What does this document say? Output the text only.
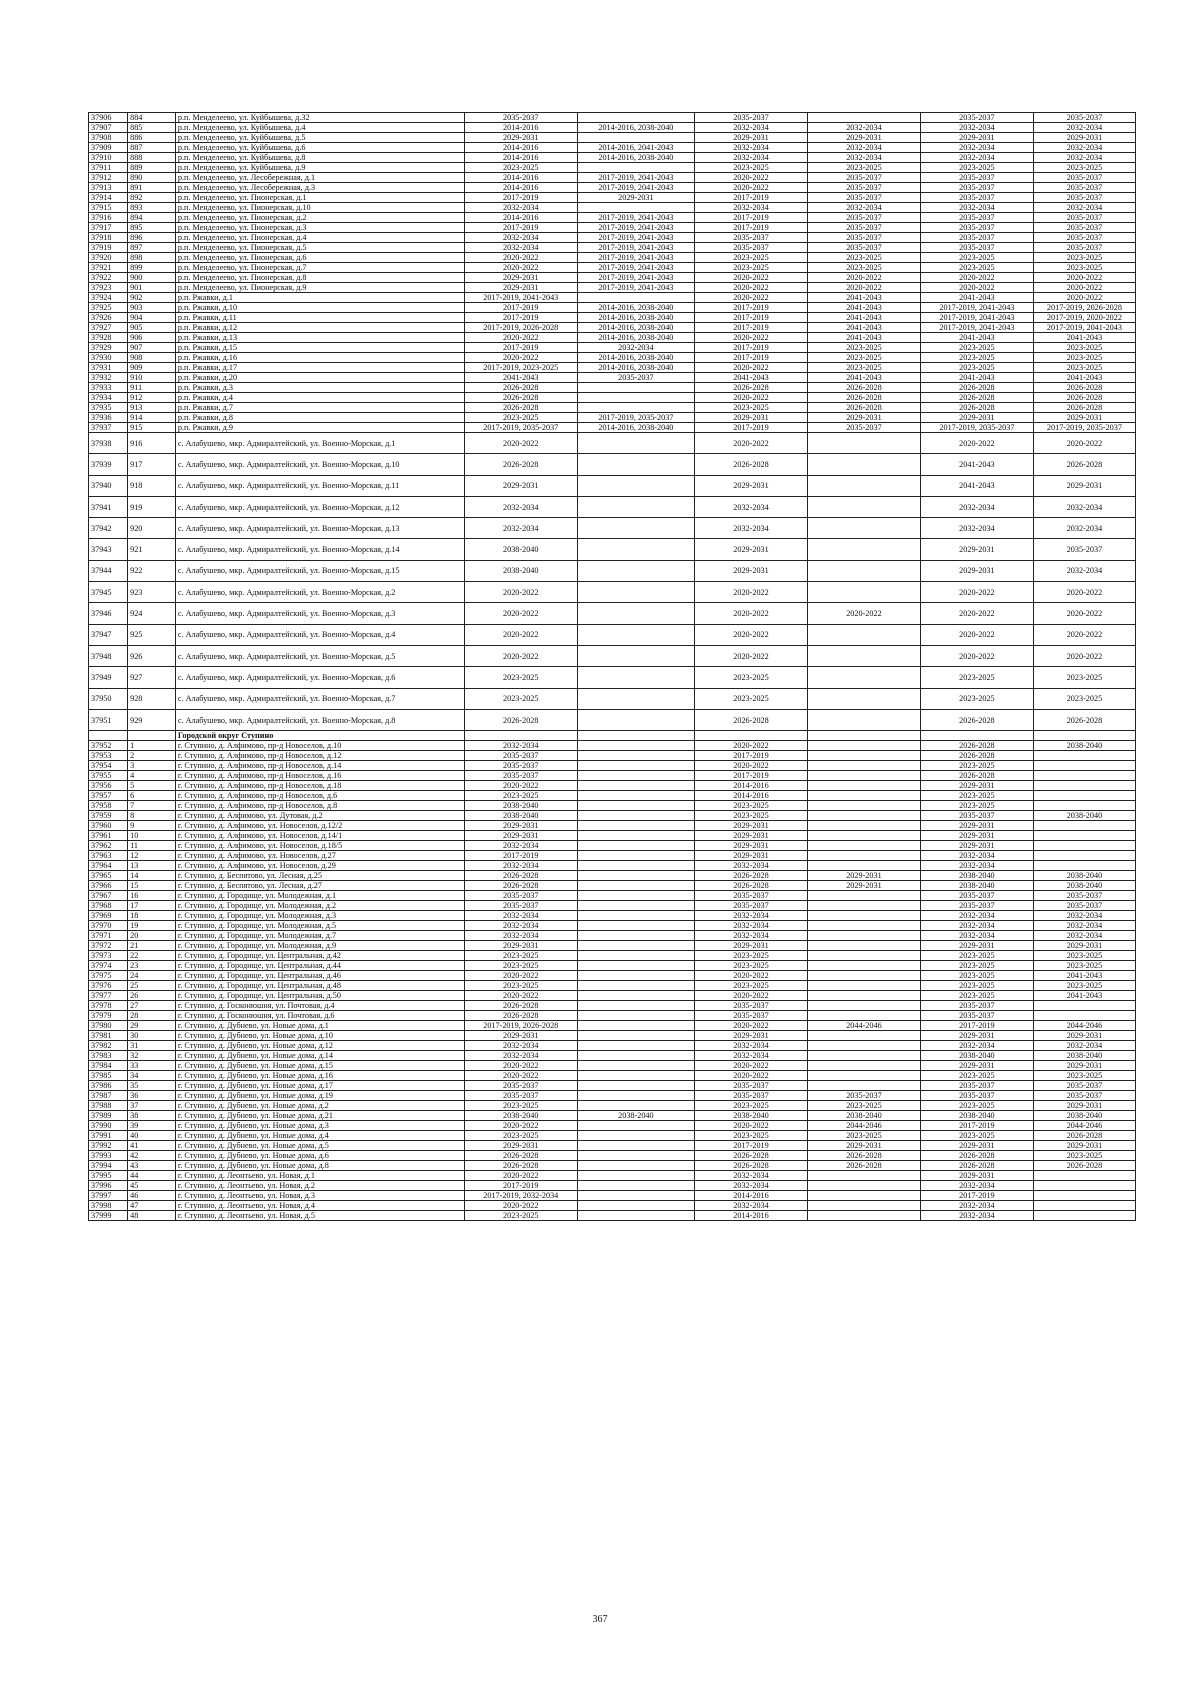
37906	884	р.п. Менделеево, ул. Куйбышева, д.32	2035-2037		2035-2037		2035-2037	2035-2037
37907	885	р.п. Менделеево, ул. Куйбышева, д.4	2014-2016	2014-2016, 2038-2040	2032-2034	2032-2034	2032-2034	2032-2034
37908	886	р.п. Менделеево, ул. Куйбышева, д.5	2029-2031		2029-2031	2029-2031	2029-2031	2029-2031
37909	887	р.п. Менделеево, ул. Куйбышева, д.6	2014-2016	2014-2016, 2041-2043	2032-2034	2032-2034	2032-2034	2032-2034
37910	888	р.п. Менделеево, ул. Куйбышева, д.8	2014-2016	2014-2016, 2038-2040	2032-2034	2032-2034	2032-2034	2032-2034
37911	889	р.п. Менделеево, ул. Куйбышева, д.9	2023-2025		2023-2025	2023-2025	2023-2025	2023-2025
37912	890	р.п. Менделеево, ул. Лесобережная, д.1	2014-2016	2017-2019, 2041-2043	2020-2022	2035-2037	2035-2037	2035-2037
37913	891	р.п. Менделеево, ул. Лесобережная, д.3	2014-2016	2017-2019, 2041-2043	2020-2022	2035-2037	2035-2037	2035-2037
37914	892	р.п. Менделеево, ул. Пионерская, д.1	2017-2019	2029-2031	2017-2019	2035-2037	2035-2037	2035-2037
37915	893	р.п. Менделеево, ул. Пионерская, д.10	2032-2034		2032-2034	2032-2034	2032-2034	2032-2034
37916	894	р.п. Менделеево, ул. Пионерская, д.2	2014-2016	2017-2019, 2041-2043	2017-2019	2035-2037	2035-2037	2035-2037
37917	895	р.п. Менделеево, ул. Пионерская, д.3	2017-2019	2017-2019, 2041-2043	2017-2019	2035-2037	2035-2037	2035-2037
37918	896	р.п. Менделеево, ул. Пионерская, д.4	2032-2034	2017-2019, 2041-2043	2035-2037	2035-2037	2035-2037	2035-2037
37919	897	р.п. Менделеево, ул. Пионерская, д.5	2032-2034	2017-2019, 2041-2043	2035-2037	2035-2037	2035-2037	2035-2037
37920	898	р.п. Менделеево, ул. Пионерская, д.6	2020-2022	2017-2019, 2041-2043	2023-2025	2023-2025	2023-2025	2023-2025
37921	899	р.п. Менделеево, ул. Пионерская, д.7	2020-2022	2017-2019, 2041-2043	2023-2025	2023-2025	2023-2025	2023-2025
37922	900	р.п. Менделеево, ул. Пионерская, д.8	2029-2031	2017-2019, 2041-2043	2020-2022	2020-2022	2020-2022	2020-2022
37923	901	р.п. Менделеево, ул. Пионерская, д.9	2029-2031	2017-2019, 2041-2043	2020-2022	2020-2022	2020-2022	2020-2022
37924	902	р.п. Ржавки, д.1	2017-2019, 2041-2043		2020-2022	2041-2043	2041-2043	2020-2022
37925	903	р.п. Ржавки, д.10	2017-2019	2014-2016, 2038-2040	2017-2019	2041-2043	2017-2019, 2041-2043	2017-2019, 2026-2028
37926	904	р.п. Ржавки, д.11	2017-2019	2014-2016, 2038-2040	2017-2019	2041-2043	2017-2019, 2041-2043	2017-2019, 2020-2022
37927	905	р.п. Ржавки, д.12	2017-2019, 2026-2028	2014-2016, 2038-2040	2017-2019	2041-2043	2017-2019, 2041-2043	2017-2019, 2041-2043
37928	906	р.п. Ржавки, д.13	2020-2022	2014-2016, 2038-2040	2020-2022	2041-2043	2041-2043	2041-2043
37929	907	р.п. Ржавки, д.15	2017-2019	2032-2034	2017-2019	2023-2025	2023-2025	2023-2025
37930	908	р.п. Ржавки, д.16	2020-2022	2014-2016, 2038-2040	2017-2019	2023-2025	2023-2025	2023-2025
37931	909	р.п. Ржавки, д.17	2017-2019, 2023-2025	2014-2016, 2038-2040	2020-2022	2023-2025	2023-2025	2023-2025
37932	910	р.п. Ржавки, д.20	2041-2043	2035-2037	2041-2043	2041-2043	2041-2043	2041-2043
37933	911	р.п. Ржавки, д.3	2026-2028		2026-2028	2026-2028	2026-2028	2026-2028
37934	912	р.п. Ржавки, д.4	2026-2028		2020-2022	2026-2028	2026-2028	2026-2028
37935	913	р.п. Ржавки, д.7	2026-2028		2023-2025	2026-2028	2026-2028	2026-2028
37936	914	р.п. Ржавки, д.8	2023-2025	2017-2019, 2035-2037	2029-2031	2029-2031	2029-2031	2029-2031
37937	915	р.п. Ржавки, д.9	2017-2019, 2035-2037	2014-2016, 2038-2040	2017-2019	2035-2037	2017-2019, 2035-2037	2017-2019, 2035-2037
37938	916	с. Алабушево, мкр. Адмиралтейский, ул. Военно-Морская, д.1	2020-2022		2020-2022		2020-2022	2020-2022
37939	917	с. Алабушево, мкр. Адмиралтейский, ул. Военно-Морская, д.10	2026-2028		2026-2028		2041-2043	2026-2028
37940	918	с. Алабушево, мкр. Адмиралтейский, ул. Военно-Морская, д.11	2029-2031		2029-2031		2041-2043	2029-2031
37941	919	с. Алабушево, мкр. Адмиралтейский, ул. Военно-Морская, д.12	2032-2034		2032-2034		2032-2034	2032-2034
37942	920	с. Алабушево, мкр. Адмиралтейский, ул. Военно-Морская, д.13	2032-2034		2032-2034		2032-2034	2032-2034
37943	921	с. Алабушево, мкр. Адмиралтейский, ул. Военно-Морская, д.14	2038-2040		2029-2031		2029-2031	2035-2037
37944	922	с. Алабушево, мкр. Адмиралтейский, ул. Военно-Морская, д.15	2038-2040		2029-2031		2029-2031	2032-2034
37945	923	с. Алабушево, мкр. Адмиралтейский, ул. Военно-Морская, д.2	2020-2022		2020-2022		2020-2022	2020-2022
37946	924	с. Алабушево, мкр. Адмиралтейский, ул. Военно-Морская, д.3	2020-2022		2020-2022	2020-2022	2020-2022	2020-2022
37947	925	с. Алабушево, мкр. Адмиралтейский, ул. Военно-Морская, д.4	2020-2022		2020-2022		2020-2022	2020-2022
37948	926	с. Алабушево, мкр. Адмиралтейский, ул. Военно-Морская, д.5	2020-2022		2020-2022		2020-2022	2020-2022
37949	927	с. Алабушево, мкр. Адмиралтейский, ул. Военно-Морская, д.6	2023-2025		2023-2025		2023-2025	2023-2025
37950	928	с. Алабушево, мкр. Адмиралтейский, ул. Военно-Морская, д.7	2023-2025		2023-2025		2023-2025	2023-2025
37951	929	с. Алабушево, мкр. Адмиралтейский, ул. Военно-Морская, д.8	2026-2028		2026-2028		2026-2028	2026-2028
		Городской округ Ступино						
37952	1	г. Ступино, д. Алфимово, пр-д Новоселов, д.10	2032-2034		2020-2022		2026-2028	2038-2040
37953	2	г. Ступино, д. Алфимово, пр-д Новоселов, д.12	2035-2037		2017-2019		2026-2028	
37954	3	г. Ступино, д. Алфимово, пр-д Новоселов, д.14	2035-2037		2020-2022		2023-2025	
37955	4	г. Ступино, д. Алфимово, пр-д Новоселов, д.16	2035-2037		2017-2019		2026-2028	
37956	5	г. Ступино, д. Алфимово, пр-д Новоселов, д.18	2020-2022		2014-2016		2029-2031	
37957	6	г. Ступино, д. Алфимово, пр-д Новоселов, д.6	2023-2025		2014-2016		2023-2025	
37958	7	г. Ступино, д. Алфимово, пр-д Новоселов, д.8	2038-2040		2023-2025		2023-2025	
37959	8	г. Ступино, д. Алфимово, ул. Дутовая, д.2	2038-2040		2023-2025		2035-2037	2038-2040
37960	9	г. Ступино, д. Алфимово, ул. Новоселов, д.12/2	2029-2031		2029-2031		2029-2031	
37961	10	г. Ступино, д. Алфимово, ул. Новоселов, д.14/1	2029-2031		2029-2031		2029-2031	
37962	11	г. Ступино, д. Алфимово, ул. Новоселов, д.18/5	2032-2034		2029-2031		2029-2031	
37963	12	г. Ступино, д. Алфимово, ул. Новоселов, д.27	2017-2019		2029-2031		2032-2034	
37964	13	г. Ступино, д. Алфимово, ул. Новоселов, д.29	2032-2034		2032-2034		2032-2034	
37965	14	г. Ступино, д. Беспятово, ул. Лесная, д.25	2026-2028		2026-2028	2029-2031	2038-2040	2038-2040
37966	15	г. Ступино, д. Беспятово, ул. Лесная, д.27	2026-2028		2026-2028	2029-2031	2038-2040	2038-2040
37967	16	г. Ступино, д. Городище, ул. Молодежная, д.1	2035-2037		2035-2037		2035-2037	2035-2037
37968	17	г. Ступино, д. Городище, ул. Молодежная, д.2	2035-2037		2035-2037		2035-2037	2035-2037
37969	18	г. Ступино, д. Городище, ул. Молодежная, д.3	2032-2034		2032-2034		2032-2034	2032-2034
37970	19	г. Ступино, д. Городище, ул. Молодежная, д.5	2032-2034		2032-2034		2032-2034	2032-2034
37971	20	г. Ступино, д. Городище, ул. Молодежная, д.7	2032-2034		2032-2034		2032-2034	2032-2034
37972	21	г. Ступино, д. Городище, ул. Молодежная, д.9	2029-2031		2029-2031		2029-2031	2029-2031
37973	22	г. Ступино, д. Городище, ул. Центральная, д.42	2023-2025		2023-2025		2023-2025	2023-2025
37974	23	г. Ступино, д. Городище, ул. Центральная, д.44	2023-2025		2023-2025		2023-2025	2023-2025
37975	24	г. Ступино, д. Городище, ул. Центральная, д.46	2020-2022		2020-2022		2023-2025	2041-2043
37976	25	г. Ступино, д. Городище, ул. Центральная, д.48	2023-2025		2023-2025		2023-2025	2023-2025
37977	26	г. Ступино, д. Городище, ул. Центральная, д.50	2020-2022		2020-2022		2023-2025	2041-2043
37978	27	г. Ступино, д. Госконюшня, ул. Почтовая, д.4	2026-2028		2035-2037		2035-2037	
37979	28	г. Ступино, д. Госконюшня, ул. Почтовая, д.6	2026-2028		2035-2037		2035-2037	
37980	29	г. Ступино, д. Дубнево, ул. Новые дома, д.1	2017-2019, 2026-2028		2020-2022	2044-2046	2017-2019	2044-2046
37981	30	г. Ступино, д. Дубнево, ул. Новые дома, д.10	2029-2031		2029-2031		2029-2031	2029-2031
37982	31	г. Ступино, д. Дубнево, ул. Новые дома, д.12	2032-2034		2032-2034		2032-2034	2032-2034
37983	32	г. Ступино, д. Дубнево, ул. Новые дома, д.14	2032-2034		2032-2034		2038-2040	2038-2040
37984	33	г. Ступино, д. Дубнево, ул. Новые дома, д.15	2020-2022		2020-2022		2029-2031	2029-2031
37985	34	г. Ступино, д. Дубнево, ул. Новые дома, д.16	2020-2022		2020-2022		2023-2025	2023-2025
37986	35	г. Ступино, д. Дубнево, ул. Новые дома, д.17	2035-2037		2035-2037		2035-2037	2035-2037
37987	36	г. Ступино, д. Дубнево, ул. Новые дома, д.19	2035-2037		2035-2037	2035-2037	2035-2037	2035-2037
37988	37	г. Ступино, д. Дубнево, ул. Новые дома, д.2	2023-2025		2023-2025	2023-2025	2023-2025	2029-2031
37989	38	г. Ступино, д. Дубнево, ул. Новые дома, д.21	2038-2040	2038-2040	2038-2040	2038-2040	2038-2040	2038-2040
37990	39	г. Ступино, д. Дубнево, ул. Новые дома, д.3	2020-2022		2020-2022	2044-2046	2017-2019	2044-2046
37991	40	г. Ступино, д. Дубнево, ул. Новые дома, д.4	2023-2025		2023-2025	2023-2025	2023-2025	2026-2028
37992	41	г. Ступино, д. Дубнево, ул. Новые дома, д.5	2029-2031		2017-2019	2029-2031	2029-2031	2029-2031
37993	42	г. Ступино, д. Дубнево, ул. Новые дома, д.6	2026-2028		2026-2028	2026-2028	2026-2028	2023-2025
37994	43	г. Ступино, д. Дубнево, ул. Новые дома, д.8	2026-2028		2026-2028	2026-2028	2026-2028	2026-2028
37995	44	г. Ступино, д. Леонтьево, ул. Новая, д.1	2020-2022		2032-2034		2029-2031	
37996	45	г. Ступино, д. Леонтьево, ул. Новая, д.2	2017-2019		2032-2034		2032-2034	
37997	46	г. Ступино, д. Леонтьево, ул. Новая, д.3	2017-2019, 2032-2034		2014-2016		2017-2019	
37998	47	г. Ступино, д. Леонтьево, ул. Новая, д.4	2020-2022		2032-2034		2032-2034	
37999	48	г. Ступино, д. Леонтьево, ул. Новая, д.5	2023-2025		2014-2016		2032-2034	
367
